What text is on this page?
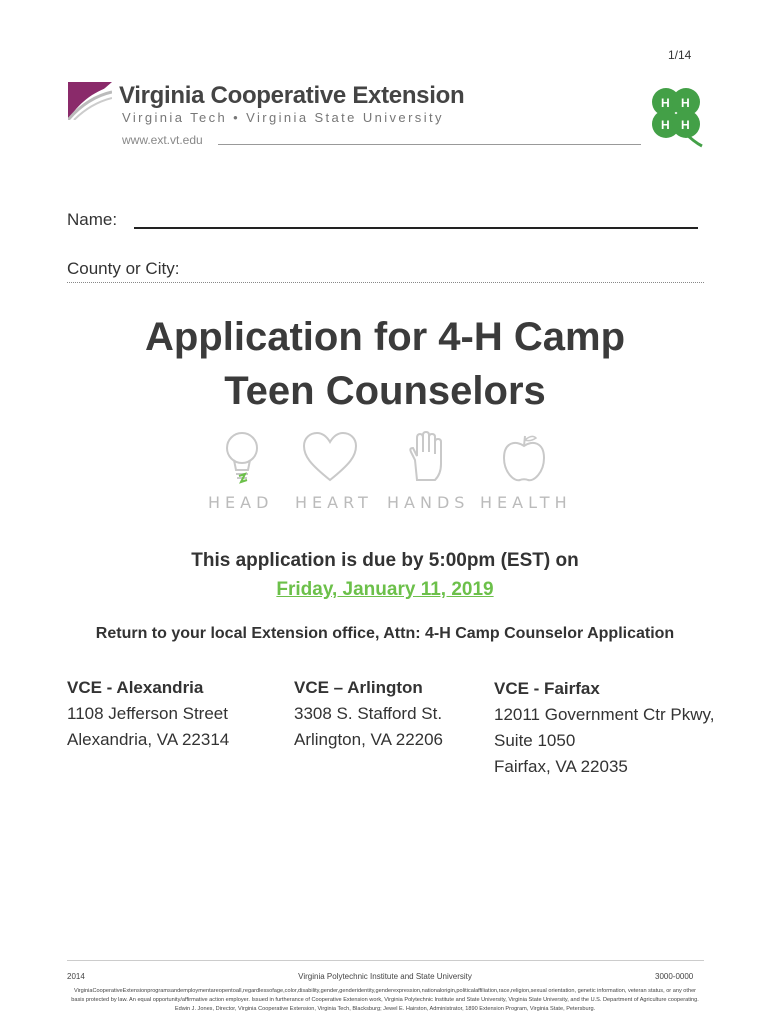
1/14
Virginia Cooperative Extension
Virginia Tech • Virginia State University
www.ext.vt.edu
H H
H H
Name:
County or City:
Application for 4-H Camp
Teen Counselors
HEAD HEART HANDS HEALTH
This application is due by 5:00pm (EST) on
Friday, January 11, 2019
Return to your local Extension office, Attn: 4-H Camp Counselor Application
VCE - Alexandria
1108 Jefferson Street
Alexandria, VA 22314
VCE – Arlington
3308 S. Stafford St.
Arlington, VA 22206
VCE - Fairfax
12011 Government Ctr Pkwy,
Suite 1050
Fairfax, VA 22035
2014	Virginia Polytechnic Institute and State University	3000-0000
VirginiaCooperativeExtensionprogramsandemploymentareopentoall,regardlessofage,color,disability,gender,genderidentity,genderexpression,nationalorigin,politicalaffiliation,race,religion,sexual orientation, genetic information, veteran status, or any other basis protected by law. An equal opportunity/affirmative action employer. Issued in furtherance of Cooperative Extension work, Virginia Polytechnic Institute and State University, Virginia State University, and the U.S. Department of Agriculture cooperating. Edwin J. Jones, Director, Virginia Cooperative Extension, Virginia Tech, Blacksburg; Jewel E. Hairston, Administrator, 1890 Extension Program, Virginia State, Petersburg.
